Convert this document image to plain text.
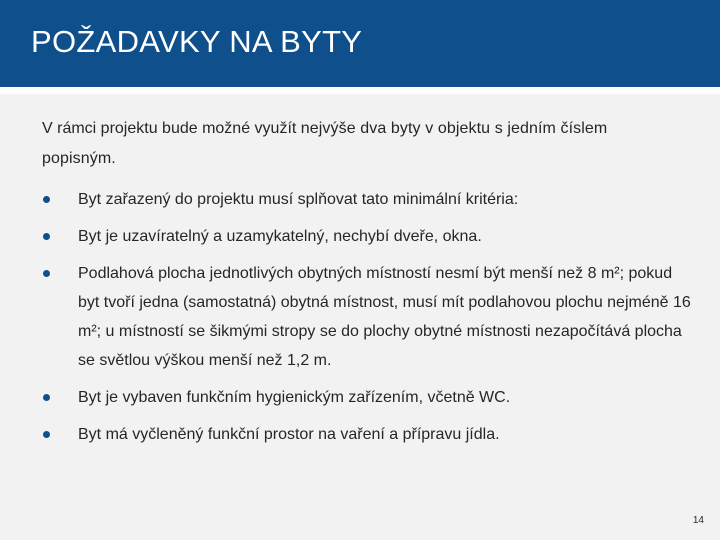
POŽADAVKY NA BYTY

V rámci projektu bude možné využít nejvýše dva byty v objektu s jedním číslem popisným.

Byt zařazený do projektu musí splňovat tato minimální kritéria:
Byt je uzavíratelný a uzamykatelný, nechybí dveře, okna.
Podlahová plocha jednotlivých obytných místností nesmí být menší než 8 m²; pokud byt tvoří jedna (samostatná) obytná místnost, musí mít podlahovou plochu nejméně 16 m²; u místností se šikmými stropy se do plochy obytné místnosti nezapočítává plocha se světlou výškou menší než 1,2 m.
Byt je vybaven funkčním hygienickým zařízením, včetně WC.
Byt má vyčleněný funkční prostor na vaření a přípravu jídla.
14
